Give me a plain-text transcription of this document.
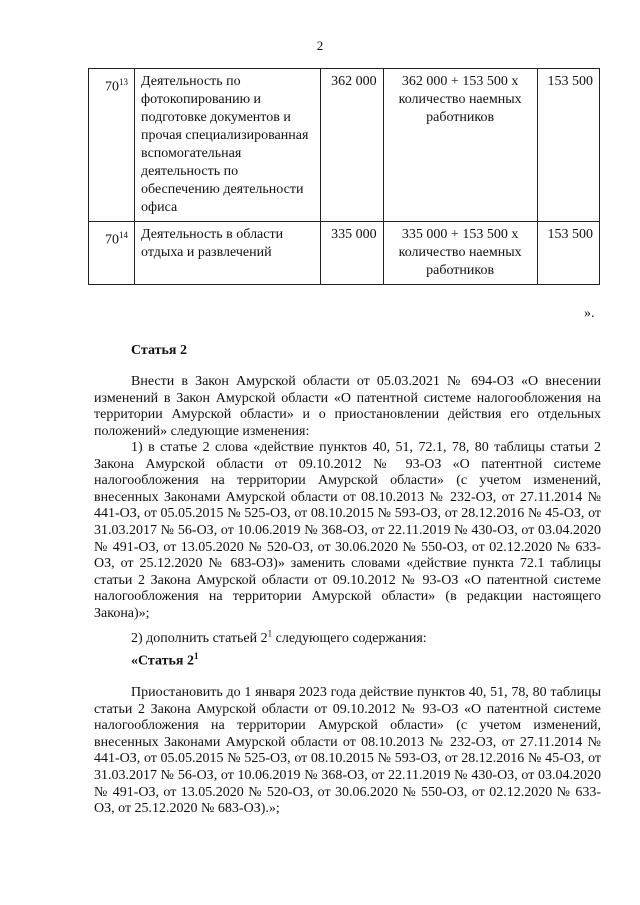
2
$70^{13}$	Деятельность по фотокопированию и подготовке документов и прочая специализированная вспомогательная деятельность по обеспечению деятельности офиса	362 000	362 000 + 153 500 х количество наемных работников	153 500
$70^{14}$	Деятельность в области отдыха и развлечений	335 000	335 000 + 153 500 х количество наемных работников	153 500
».
Статья 2

Внести в Закон Амурской области от 05.03.2021 № 694-ОЗ «О внесении изменений в Закон Амурской области «О патентной системе налогообложения на территории Амурской области» и о приостановлении действия его отдельных положений» следующие изменения:

1) в статье 2 слова «действие пунктов 40, 51, 72.1, 78, 80 таблицы статьи 2 Закона Амурской области от 09.10.2012 № 93-ОЗ «О патентной системе налогообложения на территории Амурской области» (с учетом изменений, внесенных Законами Амурской области от 08.10.2013 № 232-ОЗ, от 27.11.2014 № 441-ОЗ, от 05.05.2015 № 525-ОЗ, от 08.10.2015 № 593-ОЗ, от 28.12.2016 № 45-ОЗ, от 31.03.2017 № 56-ОЗ, от 10.06.2019 № 368-ОЗ, от 22.11.2019 № 430-ОЗ, от 03.04.2020 № 491-ОЗ, от 13.05.2020 № 520-ОЗ, от 30.06.2020 № 550-ОЗ, от 02.12.2020 № 633-ОЗ, от 25.12.2020 № 683-ОЗ)» заменить словами «действие пункта 72.1 таблицы статьи 2 Закона Амурской области от 09.10.2012 № 93-ОЗ «О патентной системе налогообложения на территории Амурской области» (в редакции настоящего Закона)»;

2) дополнить статьей $2^1$ следующего содержания:

«Статья $2^1$

Приостановить до 1 января 2023 года действие пунктов 40, 51, 78, 80 таблицы статьи 2 Закона Амурской области от 09.10.2012 № 93-ОЗ «О патентной системе налогообложения на территории Амурской области» (с учетом изменений, внесенных Законами Амурской области от 08.10.2013 № 232-ОЗ, от 27.11.2014 № 441-ОЗ, от 05.05.2015 № 525-ОЗ, от 08.10.2015 № 593-ОЗ, от 28.12.2016 № 45-ОЗ, от 31.03.2017 № 56-ОЗ, от 10.06.2019 № 368-ОЗ, от 22.11.2019 № 430-ОЗ, от 03.04.2020 № 491-ОЗ, от 13.05.2020 № 520-ОЗ, от 30.06.2020 № 550-ОЗ, от 02.12.2020 № 633-ОЗ, от 25.12.2020 № 683-ОЗ).»;
